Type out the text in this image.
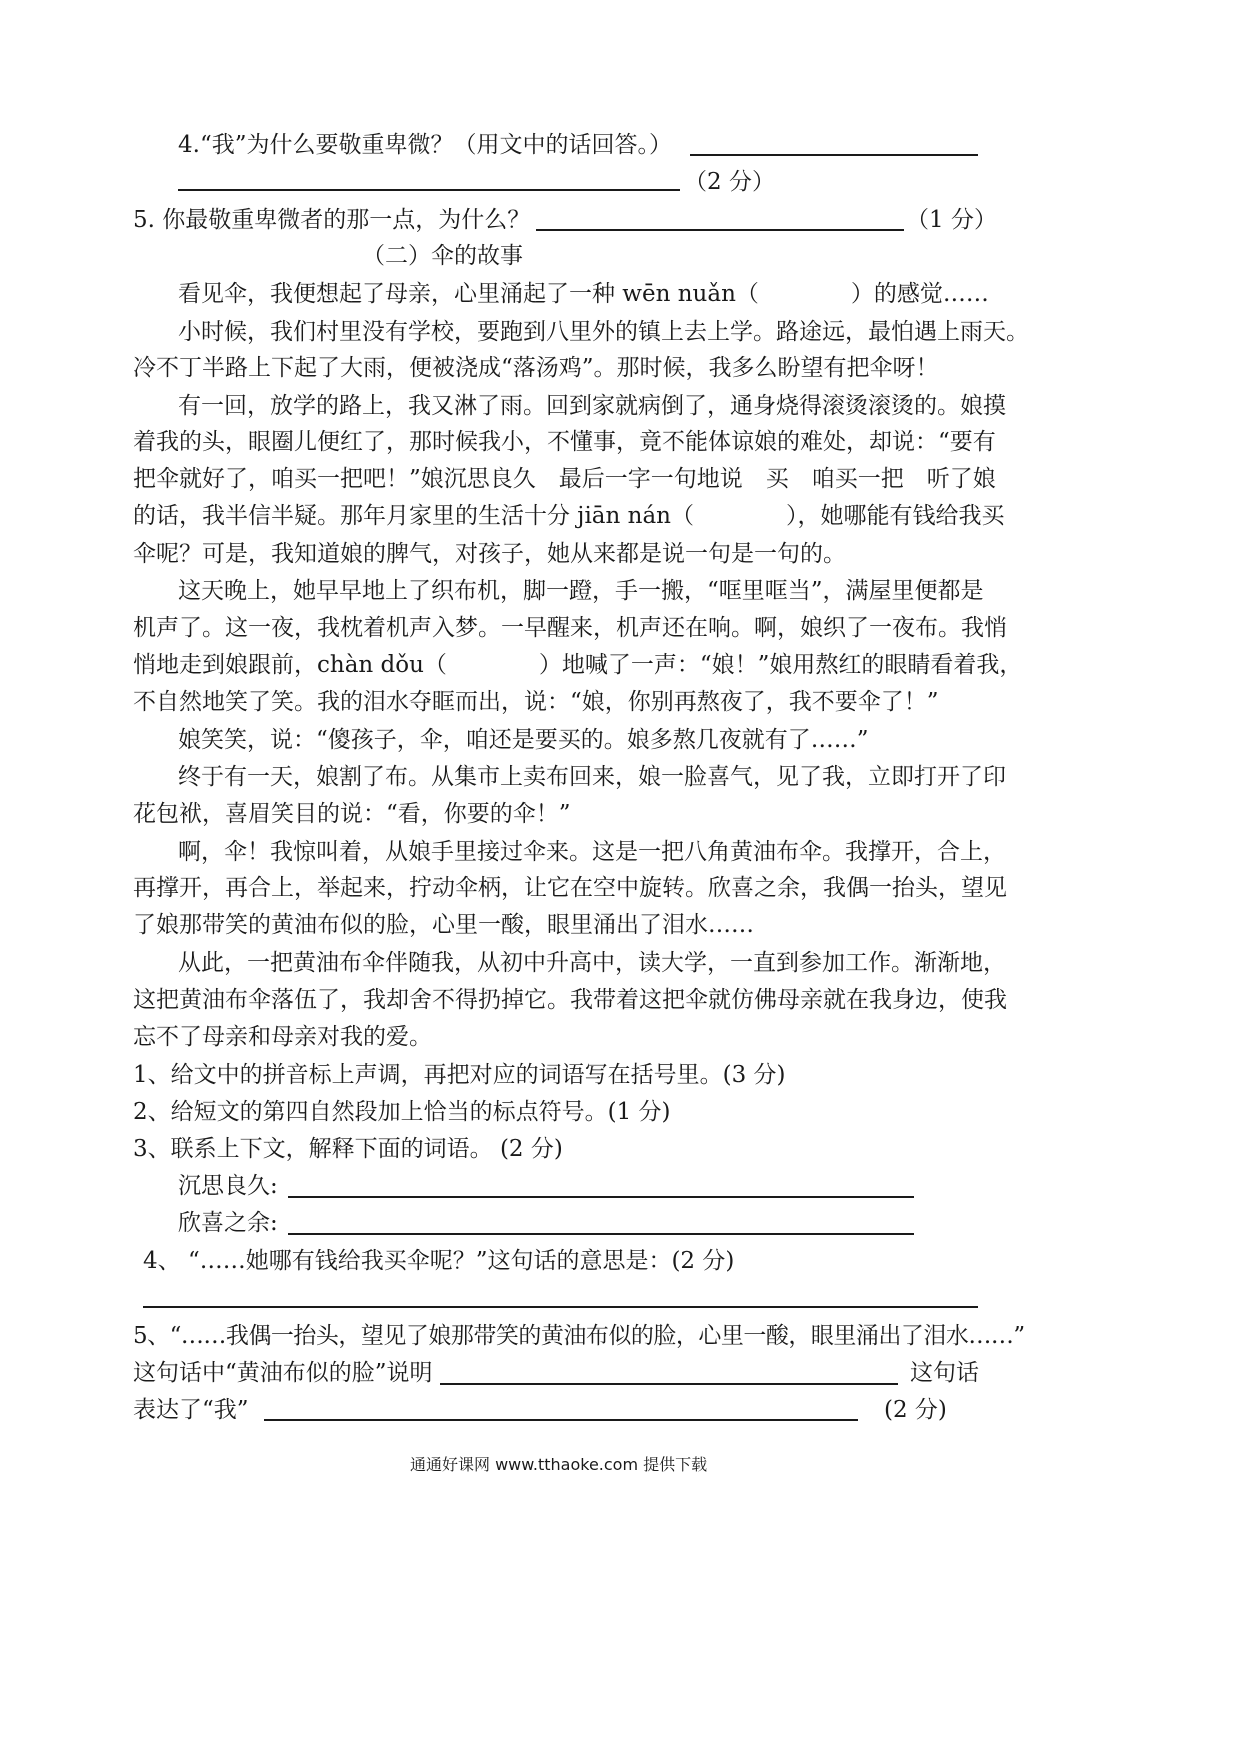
4.“我”为什么要敬重卑微？（用文中的话回答。）
（2 分）
5. 你最敬重卑微者的那一点，为什么？	（1 分）
（二）伞的故事
看见伞，我便想起了母亲，心里涌起了一种 wēn nuǎn（　　　　）的感觉……
小时候，我们村里没有学校，要跑到八里外的镇上去上学。路途远，最怕遇上雨天。
冷不丁半路上下起了大雨，便被浇成“落汤鸡”。那时候，我多么盼望有把伞呀！
有一回，放学的路上，我又淋了雨。回到家就病倒了，通身烧得滚烫滚烫的。娘摸
着我的头，眼圈儿便红了，那时候我小，不懂事，竟不能体谅娘的难处，却说：“要有
把伞就好了，咱买一把吧！”娘沉思良久　最后一字一句地说　买　咱买一把　听了娘
的话，我半信半疑。那年月家里的生活十分 jiān nán（　　　　），她哪能有钱给我买
伞呢？可是，我知道娘的脾气，对孩子，她从来都是说一句是一句的。
这天晚上，她早早地上了织布机，脚一蹬，手一搬，“哐里哐当”，满屋里便都是
机声了。这一夜，我枕着机声入梦。一早醒来，机声还在响。啊，娘织了一夜布。我悄
悄地走到娘跟前，chàn dǒu（　　　　）地喊了一声：“娘！”娘用熬红的眼睛看着我，
不自然地笑了笑。我的泪水夺眶而出，说：“娘，你别再熬夜了，我不要伞了！”
娘笑笑，说：“傻孩子，伞，咱还是要买的。娘多熬几夜就有了……”
终于有一天，娘割了布。从集市上卖布回来，娘一脸喜气，见了我，立即打开了印
花包袱，喜眉笑目的说：“看，你要的伞！”
啊，伞！我惊叫着，从娘手里接过伞来。这是一把八角黄油布伞。我撑开，合上，
再撑开，再合上，举起来，拧动伞柄，让它在空中旋转。欣喜之余，我偶一抬头，望见
了娘那带笑的黄油布似的脸，心里一酸，眼里涌出了泪水……
从此，一把黄油布伞伴随我，从初中升高中，读大学，一直到参加工作。渐渐地，
这把黄油布伞落伍了，我却舍不得扔掉它。我带着这把伞就仿佛母亲就在我身边，使我
忘不了母亲和母亲对我的爱。
1、给文中的拼音标上声调，再把对应的词语写在括号里。(3 分)
2、给短文的第四自然段加上恰当的标点符号。(1 分)
3、联系上下文，解释下面的词语。 (2 分)
沉思良久:
欣喜之余:
4、 “……她哪有钱给我买伞呢？”这句话的意思是：(2 分)
5、“……我偶一抬头，望见了娘那带笑的黄油布似的脸，心里一酸，眼里涌出了泪水……”
这句话中“黄油布似的脸”说明	这句话
表达了“我”	(2 分)
通通好课网 www.tthaoke.com 提供下载
